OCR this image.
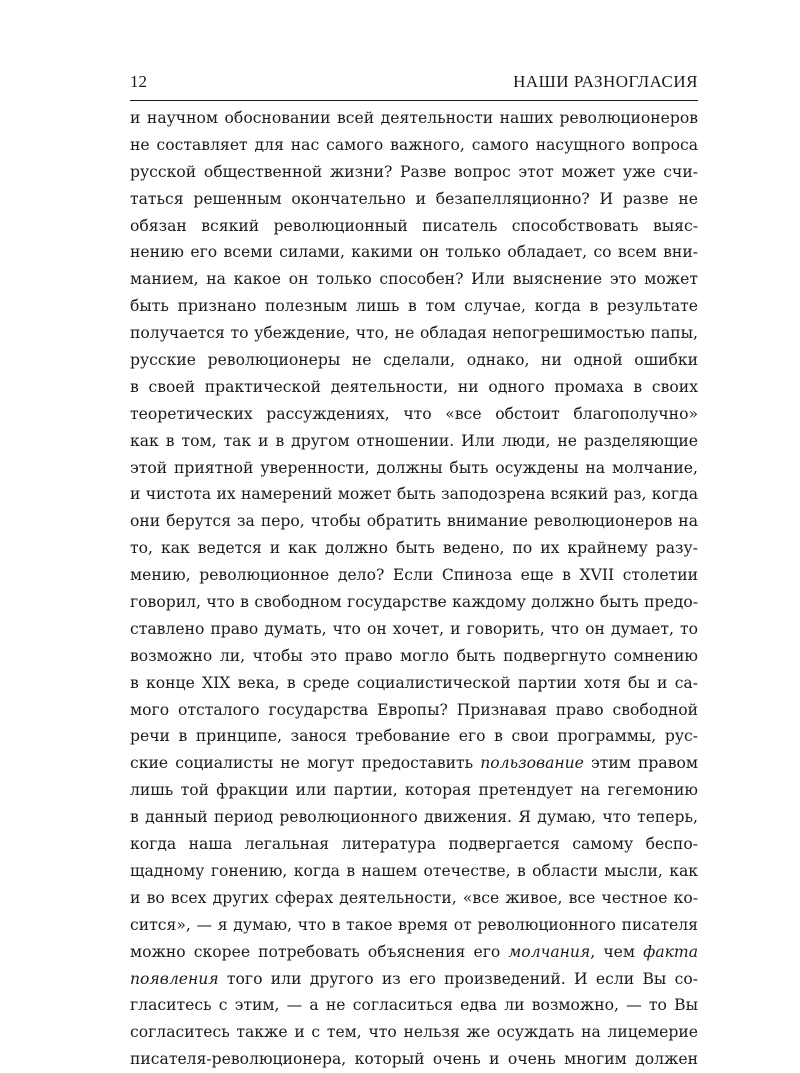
12	НАШИ РАЗНОГЛАСИЯ
и научном обосновании всей деятельности наших революционеров
не составляет для нас самого важного, самого насущного вопроса
русской общественной жизни? Разве вопрос этот может уже счи-
таться решенным окончательно и безапелляционно? И разве не
обязан всякий революционный писатель способствовать выяс-
нению его всеми силами, какими он только обладает, со всем вни-
манием, на какое он только способен? Или выяснение это может
быть признано полезным лишь в том случае, когда в результате
получается то убеждение, что, не обладая непогрешимостью папы,
русские революционеры не сделали, однако, ни одной ошибки
в своей практической деятельности, ни одного промаха в своих
теоретических рассуждениях, что «все обстоит благополучно»
как в том, так и в другом отношении. Или люди, не разделяющие
этой приятной уверенности, должны быть осуждены на молчание,
и чистота их намерений может быть заподозрена всякий раз, когда
они берутся за перо, чтобы обратить внимание революционеров на
то, как ведется и как должно быть ведено, по их крайнему разу-
мению, революционное дело? Если Спиноза еще в XVII столетии
говорил, что в свободном государстве каждому должно быть предо-
ставлено право думать, что он хочет, и говорить, что он думает, то
возможно ли, чтобы это право могло быть подвергнуто сомнению
в конце XIX века, в среде социалистической партии хотя бы и са-
мого отсталого государства Европы? Признавая право свободной
речи в принципе, занося требование его в свои программы, рус-
ские социалисты не могут предоставить пользование этим правом
лишь той фракции или партии, которая претендует на гегемонию
в данный период революционного движения. Я думаю, что теперь,
когда наша легальная литература подвергается самому беспо-
щадному гонению, когда в нашем отечестве, в области мысли, как
и во всех других сферах деятельности, «все живое, все честное ко-
сится», — я думаю, что в такое время от революционного писателя
можно скорее потребовать объяснения его молчания, чем факта
появления того или другого из его произведений. И если Вы со-
гласитесь с этим, — а не согласиться едва ли возможно, — то Вы
согласитесь также и с тем, что нельзя же осуждать на лицемерие
писателя-революционера, который очень и очень многим должен
